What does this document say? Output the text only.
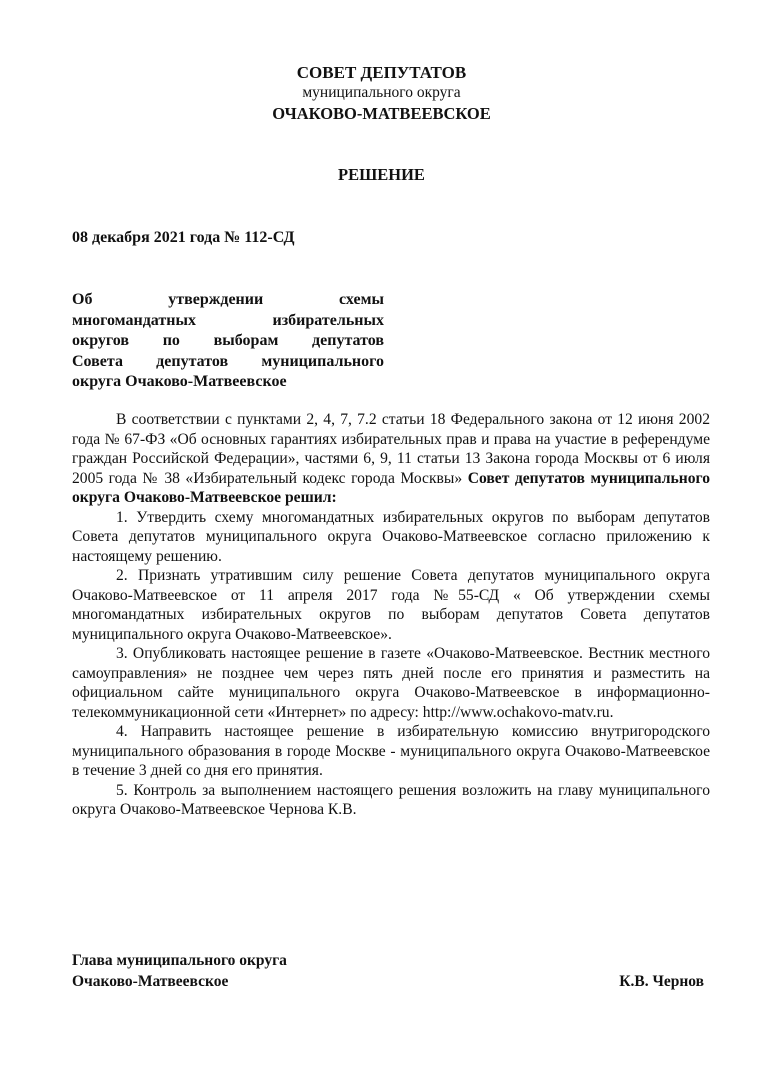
СОВЕТ ДЕПУТАТОВ
муниципального округа
ОЧАКОВО-МАТВЕЕВСКОЕ
РЕШЕНИЕ
08 декабря 2021 года № 112-СД
Об утверждении схемы
многомандатных избирательных
округов по выборам депутатов
Совета депутатов муниципального
округа Очаково-Матвеевское

В соответствии с пунктами 2, 4, 7, 7.2 статьи 18 Федерального закона от 12 июня 2002 года № 67-ФЗ «Об основных гарантиях избирательных прав и права на участие в референдуме граждан Российской Федерации», частями 6, 9, 11 статьи 13 Закона города Москвы от 6 июля 2005 года № 38 «Избирательный кодекс города Москвы» Совет депутатов муниципального округа Очаково-Матвеевское решил:

1. Утвердить схему многомандатных избирательных округов по выборам депутатов Совета депутатов муниципального округа Очаково-Матвеевское согласно приложению к настоящему решению.

2. Признать утратившим силу решение Совета депутатов муниципального округа Очаково-Матвеевское от 11 апреля 2017 года №55-СД « Об утверждении схемы многомандатных избирательных округов по выборам депутатов Совета депутатов муниципального округа Очаково-Матвеевское».

3. Опубликовать настоящее решение в газете «Очаково-Матвеевское. Вестник местного самоуправления» не позднее чем через пять дней после его принятия и разместить на официальном сайте муниципального округа Очаково-Матвеевское в информационно-телекоммуникационной сети «Интернет» по адресу: http://www.ochakovo-matv.ru.

4. Направить настоящее решение в избирательную комиссию внутригородского муниципального образования в городе Москве - муниципального округа Очаково-Матвеевское в течение 3 дней со дня его принятия.

5. Контроль за выполнением настоящего решения возложить на главу муниципального округа Очаково-Матвеевское Чернова К.В.

Глава муниципального округа
Очаково-Матвеевское	К.В. Чернов
